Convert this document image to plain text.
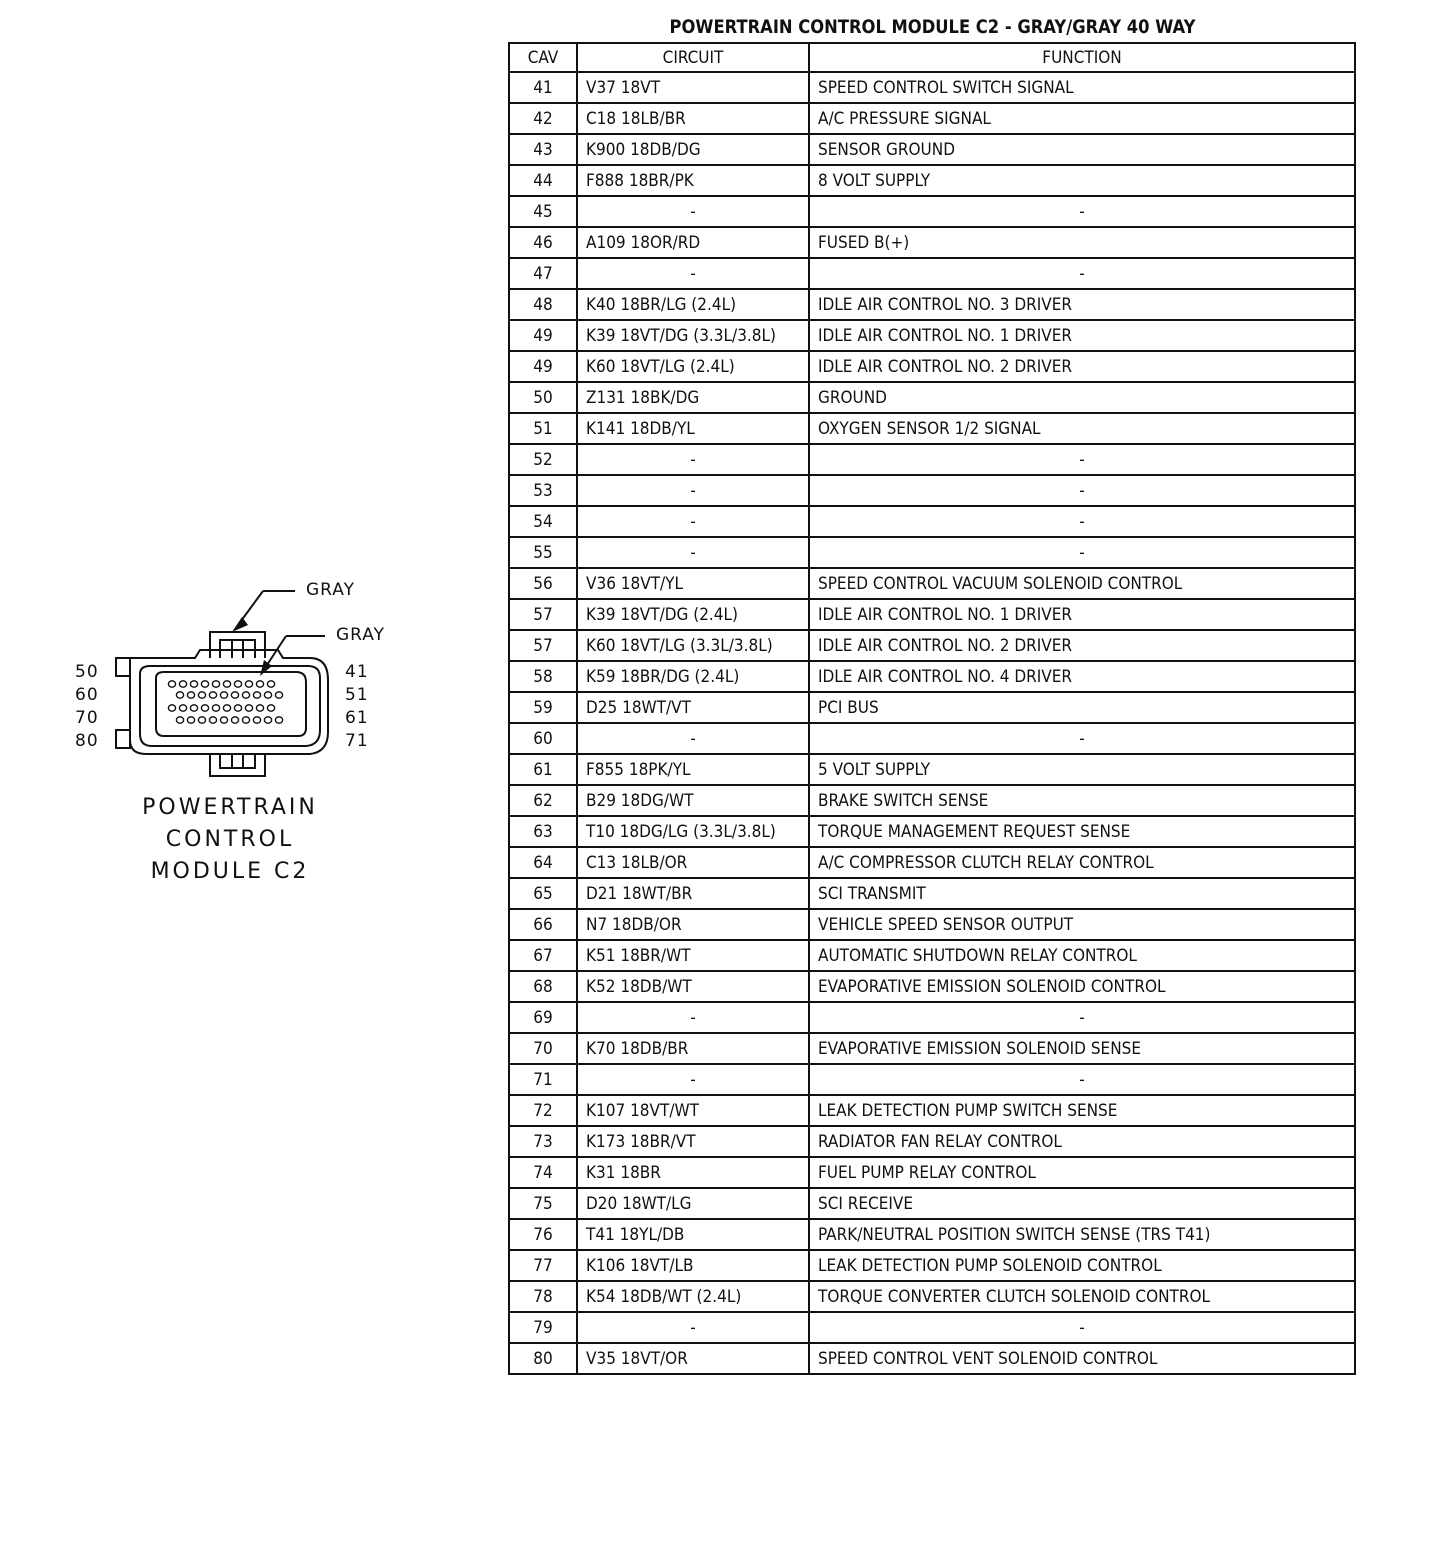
POWERTRAIN CONTROL MODULE C2 - GRAY/GRAY 40 WAY
CAV	CIRCUIT	FUNCTION
41	V37 18VT	SPEED CONTROL SWITCH SIGNAL
42	C18 18LB/BR	A/C PRESSURE SIGNAL
43	K900 18DB/DG	SENSOR GROUND
44	F888 18BR/PK	8 VOLT SUPPLY
45	-	-
46	A109 18OR/RD	FUSED B(+)
47	-	-
48	K40 18BR/LG (2.4L)	IDLE AIR CONTROL NO. 3 DRIVER
49	K39 18VT/DG (3.3L/3.8L)	IDLE AIR CONTROL NO. 1 DRIVER
49	K60 18VT/LG (2.4L)	IDLE AIR CONTROL NO. 2 DRIVER
50	Z131 18BK/DG	GROUND
51	K141 18DB/YL	OXYGEN SENSOR 1/2 SIGNAL
52	-	-
53	-	-
54	-	-
55	-	-
56	V36 18VT/YL	SPEED CONTROL VACUUM SOLENOID CONTROL
57	K39 18VT/DG (2.4L)	IDLE AIR CONTROL NO. 1 DRIVER
57	K60 18VT/LG (3.3L/3.8L)	IDLE AIR CONTROL NO. 2 DRIVER
58	K59 18BR/DG (2.4L)	IDLE AIR CONTROL NO. 4 DRIVER
59	D25 18WT/VT	PCI BUS
60	-	-
61	F855 18PK/YL	5 VOLT SUPPLY
62	B29 18DG/WT	BRAKE SWITCH SENSE
63	T10 18DG/LG (3.3L/3.8L)	TORQUE MANAGEMENT REQUEST SENSE
64	C13 18LB/OR	A/C COMPRESSOR CLUTCH RELAY CONTROL
65	D21 18WT/BR	SCI TRANSMIT
66	N7 18DB/OR	VEHICLE SPEED SENSOR OUTPUT
67	K51 18BR/WT	AUTOMATIC SHUTDOWN RELAY CONTROL
68	K52 18DB/WT	EVAPORATIVE EMISSION SOLENOID CONTROL
69	-	-
70	K70 18DB/BR	EVAPORATIVE EMISSION SOLENOID SENSE
71	-	-
72	K107 18VT/WT	LEAK DETECTION PUMP SWITCH SENSE
73	K173 18BR/VT	RADIATOR FAN RELAY CONTROL
74	K31 18BR	FUEL PUMP RELAY CONTROL
75	D20 18WT/LG	SCI RECEIVE
76	T41 18YL/DB	PARK/NEUTRAL POSITION SWITCH SENSE (TRS T41)
77	K106 18VT/LB	LEAK DETECTION PUMP SOLENOID CONTROL
78	K54 18DB/WT (2.4L)	TORQUE CONVERTER CLUTCH SOLENOID CONTROL
79	-	-
80	V35 18VT/OR	SPEED CONTROL VENT SOLENOID CONTROL
GRAY
GRAY
50
60
70
80
41
51
61
71
POWERTRAIN
CONTROL
MODULE C2
